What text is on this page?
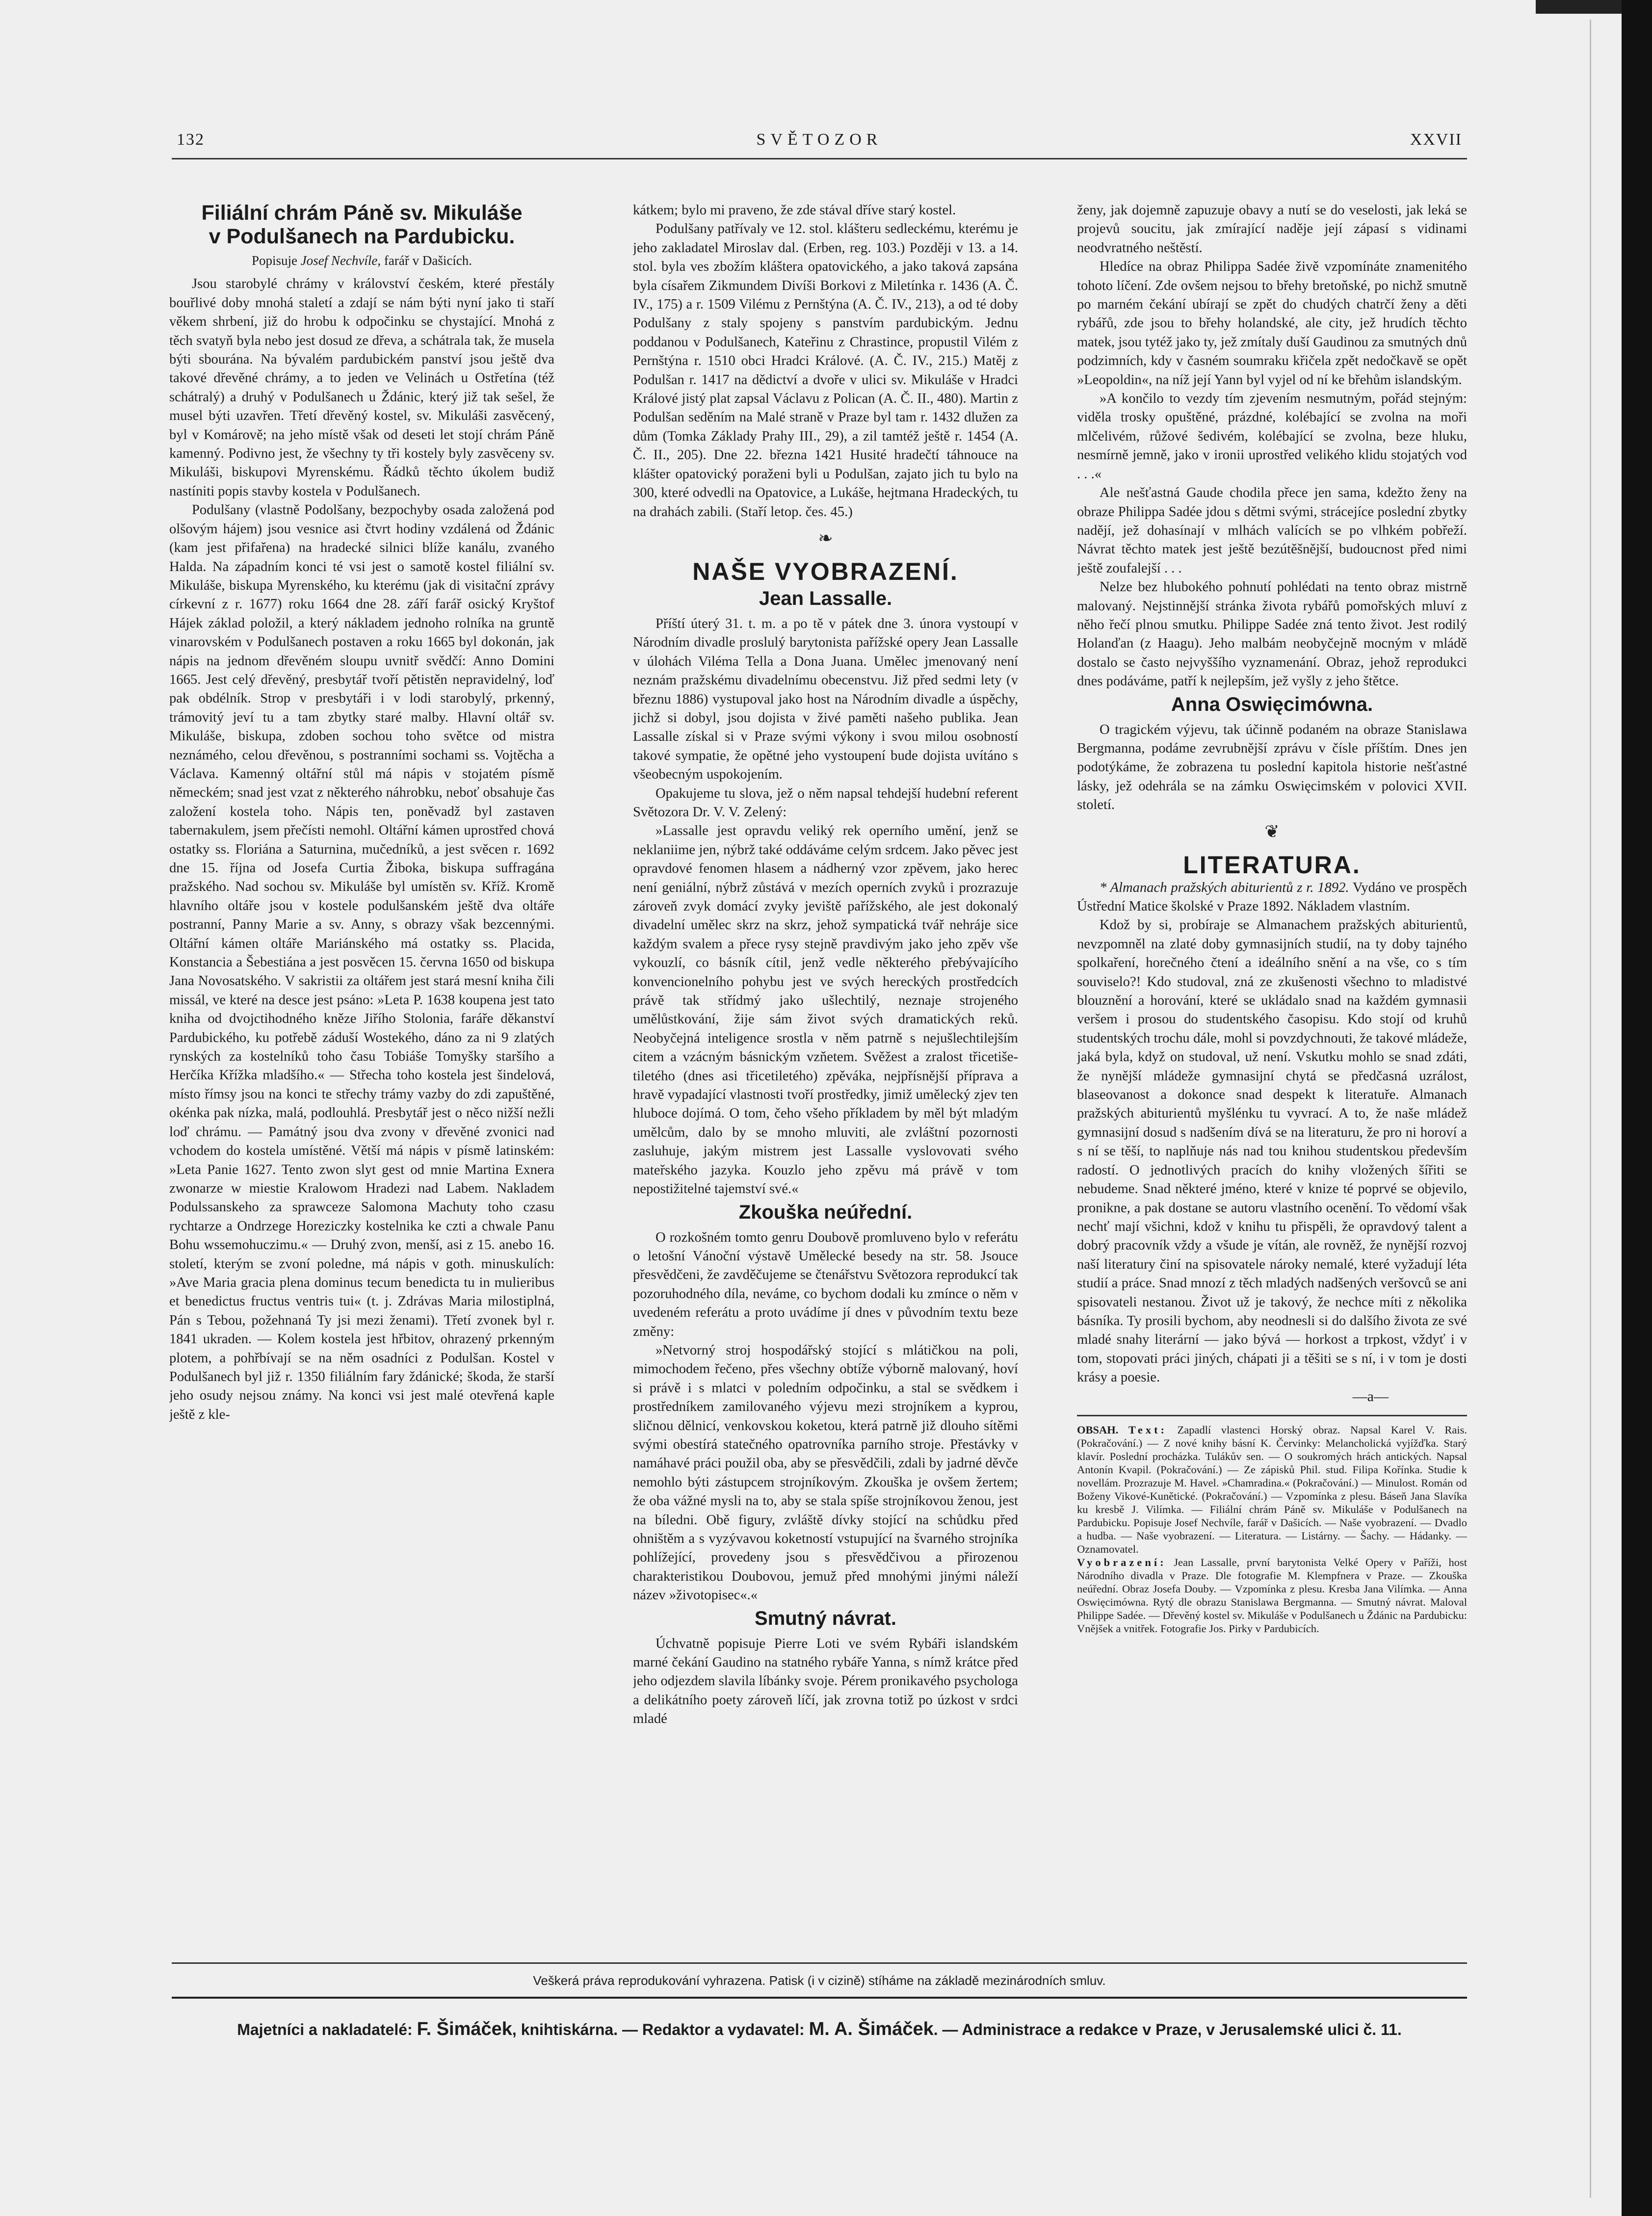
132	SVĚTOZOR	XXVII
Filiální chrám Páně sv. Mikuláše
v Podulšanech na Pardubicku.
Popisuje Josef Nechvíle, farář v Dašicích.

Jsou starobylé chrámy v království českém, které přestály bouřlivé doby mnohá staletí a zdají se nám býti nyní jako ti staří věkem shrbení, již do hrobu k odpočinku se chystající. Mnohá z těch svatyň byla nebo jest dosud ze dřeva, a schátrala tak, že musela býti sbourána. Na bývalém pardubickém panství jsou ještě dva takové dřevěné chrámy, a to jeden ve Velinách u Ostřetína (též schátralý) a druhý v Podulšanech u Ždánic, který již tak sešel, že musel býti uzavřen. Třetí dřevěný kostel, sv. Mikuláši zasvěcený, byl v Komárově; na jeho místě však od deseti let stojí chrám Páně kamenný. Podivno jest, že všechny ty tři kostely byly zasvěceny sv. Mikuláši, biskupovi Myrenskému. Řádků těchto úkolem budiž nastíniti popis stavby kostela v Podulšanech.

Podulšany (vlastně Podolšany, bezpochyby osada založená pod olšovým hájem) jsou vesnice asi čtvrt hodiny vzdálená od Ždánic (kam jest přifařena) na hradecké silnici blíže kanálu, zvaného Halda. Na západním konci té vsi jest o samotě kostel filiální sv. Mikuláše, biskupa Myrenského, ku kterému (jak di visitační zprávy církevní z r. 1677) roku 1664 dne 28. září farář osický Kryštof Hájek základ položil, a který nákladem jednoho rolníka na gruntě vinarovském v Podulšanech postaven a roku 1665 byl dokonán, jak nápis na jednom dřevěném sloupu uvnitř svědčí: Anno Domini 1665. Jest celý dřevěný, presbytář tvoří pětistěn nepravidelný, loď pak obdélník. Strop v presbytáři i v lodi starobylý, prkenný, trámovitý jeví tu a tam zbytky staré malby. Hlavní oltář sv. Mikuláše, biskupa, zdoben sochou toho světce od mistra neznámého, celou dřevěnou, s postranními sochami ss. Vojtěcha a Václava. Kamenný oltářní stůl má nápis v stojatém písmě německém; snad jest vzat z některého náhrobku, neboť obsahuje čas založení kostela toho. Nápis ten, poněvadž byl zastaven tabernakulem, jsem přečísti nemohl. Oltářní kámen uprostřed chová ostatky ss. Floriána a Saturnina, mučedníků, a jest svěcen r. 1692 dne 15. října od Josefa Curtia Žiboka, biskupa suffragána pražského. Nad sochou sv. Mikuláše byl umístěn sv. Kříž. Kromě hlavního oltáře jsou v kostele podulšanském ještě dva oltáře postranní, Panny Marie a sv. Anny, s obrazy však bezcennými. Oltářní kámen oltáře Mariánského má ostatky ss. Placida, Konstancia a Šebestiána a jest posvěcen 15. června 1650 od biskupa Jana Novosatského. V sakristii za oltářem jest stará mesní kniha čili missál, ve které na desce jest psáno: »Leta P. 1638 koupena jest tato kniha od dvojctihodného kněze Jiřího Stolonia, faráře děkanství Pardubického, ku potřebě záduší Wostekého, dáno za ni 9 zlatých rynských za kostelníků toho času Tobiáše Tomyšky staršího a Herčíka Křížka mladšího.« — Střecha toho kostela jest šindelová, místo římsy jsou na konci te střechy trámy vazby do zdi zapuštěné, okénka pak nízka, malá, podlouhlá. Presbytář jest o něco nižší nežli loď chrámu. — Památný jsou dva zvony v dřevěné zvonici nad vchodem do kostela umístěné. Větší má nápis v písmě latinském: »Leta Panie 1627. Tento zwon slyt gest od mnie Martina Exnera zwonarze w miestie Kralowom Hradezi nad Labem. Nakladem Podulssanskeho za sprawceze Salomona Machuty toho czasu rychtarze a Ondrzege Horeziczky kostelnika ke czti a chwale Panu Bohu wssemohuczimu.« — Druhý zvon, menší, asi z 15. anebo 16. století, kterým se zvoní poledne, má nápis v goth. minuskulích: »Ave Maria gracia plena dominus tecum benedicta tu in mulieribus et benedictus fructus ventris tui« (t. j. Zdrávas Maria milostiplná, Pán s Tebou, požehnaná Ty jsi mezi ženami). Třetí zvonek byl r. 1841 ukraden. — Kolem kostela jest hřbitov, ohrazený prkenným plotem, a pohřbívají se na něm osadníci z Podulšan. Kostel v Podulšanech byl již r. 1350 filiálním fary ždánické; škoda, že starší jeho osudy nejsou známy. Na konci vsi jest malé otevřená kaple ještě z kle-

kátkem; bylo mi praveno, že zde stával dříve starý kostel.

Podulšany patřívaly ve 12. stol. klášteru sedleckému, kterému je jeho zakladatel Miroslav dal. (Erben, reg. 103.) Později v 13. a 14. stol. byla ves zbožím kláštera opatovického, a jako taková zapsána byla císařem Zikmundem Divíši Borkovi z Miletínka r. 1436 (A. Č. IV., 175) a r. 1509 Vilému z Pernštýna (A. Č. IV., 213), a od té doby Podulšany z staly spojeny s panstvím pardubickým. Jednu poddanou v Podulšanech, Kateřinu z Chrastince, propustil Vilém z Pernštýna r. 1510 obci Hradci Králové. (A. Č. IV., 215.) Matěj z Podulšan r. 1417 na dědictví a dvoře v ulici sv. Mikuláše v Hradci Králové jistý plat zapsal Václavu z Polican (A. Č. II., 480). Martin z Podulšan seděním na Malé straně v Praze byl tam r. 1432 dlužen za dům (Tomka Základy Prahy III., 29), a zil tamtéž ještě r. 1454 (A. Č. II., 205). Dne 22. března 1421 Husité hradečtí táhnouce na klášter opatovický poraženi byli u Podulšan, zajato jich tu bylo na 300, které odvedli na Opatovice, a Lukáše, hejtmana Hradeckých, tu na drahách zabili. (Staří letop. čes. 45.)

❧
NAŠE VYOBRAZENÍ.
Jean Lassalle.

Příští úterý 31. t. m. a po tě v pátek dne 3. února vystoupí v Národním divadle proslulý barytonista pařížské opery Jean Lassalle v úlohách Viléma Tella a Dona Juana. Umělec jmenovaný není neznám pražskému divadelnímu obecenstvu. Již před sedmi lety (v březnu 1886) vystupoval jako host na Národním divadle a úspěchy, jichž si dobyl, jsou dojista v živé paměti našeho publika. Jean Lassalle získal si v Praze svými výkony i svou milou osobností takové sympatie, že opětné jeho vystoupení bude dojista uvítáno s všeobecným uspokojením.

Opakujeme tu slova, jež o něm napsal tehdejší hudební referent Světozora Dr. V. V. Zelený:

»Lassalle jest opravdu veliký rek operního umění, jenž se neklaniime jen, nýbrž také oddáváme celým srdcem. Jako pěvec jest opravdové fenomen hlasem a nádherný vzor zpěvem, jako herec není geniální, nýbrž zůstává v mezích operních zvyků i prozrazuje zároveň zvyk domácí zvyky jeviště pařížského, ale jest dokonalý divadelní umělec skrz na skrz, jehož sympatická tvář nehráje sice každým svalem a přece rysy stejně pravdivým jako jeho zpěv vše vykouzlí, co básník cítil, jenž vedle některého přebývajícího konvencionelního pohybu jest ve svých hereckých prostředcích právě tak střídmý jako ušlechtilý, neznaje strojeného umělůstkování, žije sám život svých dramatických reků. Neobyčejná inteligence srostla v něm patrně s nejušlechtilejším citem a vzácným básnickým vzňetem. Svěžest a zralost třicetiše-tiletého (dnes asi třicetiletého) zpěváka, nejpřísnější příprava a hravě vypadající vlastnosti tvoří prostředky, jimiž umělecký zjev ten hluboce dojímá. O tom, čeho všeho příkladem by měl být mladým umělcům, dalo by se mnoho mluviti, ale zvláštní pozornosti zasluhuje, jakým mistrem jest Lassalle vyslovovati svého mateřského jazyka. Kouzlo jeho zpěvu má právě v tom nepostižitelné tajemství své.«

Zkouška neúřední.

O rozkošném tomto genru Doubově promluveno bylo v referátu o letošní Vánoční výstavě Umělecké besedy na str. 58. Jsouce přesvědčeni, že zavděčujeme se čtenářstvu Světozora reprodukcí tak pozoruhodného díla, neváme, co bychom dodali ku zmínce o něm v uvedeném referátu a proto uvádíme jí dnes v původním textu beze změny:

»Netvorný stroj hospodářský stojící s mlátičkou na poli, mimochodem řečeno, přes všechny obtíže výborně malovaný, hoví si právě i s mlatci v poledním odpočinku, a stal se svědkem i prostředníkem zamilovaného výjevu mezi strojníkem a kyprou, sličnou dělnicí, venkovskou koketou, která patrně již dlouho sítěmi svými obestírá statečného opatrovníka parního stroje. Přestávky v namáhavé práci použil oba, aby se přesvědčili, zdali by jadrné děvče nemohlo býti zástupcem strojníkovým. Zkouška je ovšem žertem; že oba vážné mysli na to, aby se stala spíše strojníkovou ženou, jest na bíledni. Obě figury, zvláště dívky stojící na schůdku před ohništěm a s vyzývavou koketností vstupující na švarného strojníka pohlížející, provedeny jsou s přesvědčivou a přirozenou charakteristikou Doubovou, jemuž před mnohými jinými náleží název »životopisec«.«

Smutný návrat.

Úchvatně popisuje Pierre Loti ve svém Rybáři islandském marné čekání Gaudino na statného rybáře Yanna, s nímž krátce před jeho odjezdem slavila líbánky svoje. Pérem pronikavého psychologa a delikátního poety zároveň líčí, jak zrovna totiž po úzkost v srdci mladé

ženy, jak dojemně zapuzuje obavy a nutí se do veselosti, jak leká se projevů soucitu, jak zmírající naděje její zápasí s vidinami neodvratného neštěstí.

Hledíce na obraz Philippa Sadée živě vzpomínáte znamenitého tohoto líčení. Zde ovšem nejsou to břehy bretoňské, po nichž smutně po marném čekání ubírají se zpět do chudých chatrčí ženy a děti rybářů, zde jsou to břehy holandské, ale city, jež hrudích těchto matek, jsou tytéž jako ty, jež zmítaly duší Gaudinou za smutných dnů podzimních, kdy v časném soumraku křičela zpět nedočkavě se opět »Leopoldin«, na níž její Yann byl vyjel od ní ke břehům islandským.

»A končilo to vezdy tím zjevením nesmutným, pořád stejným: viděla trosky opuštěné, prázdné, kolébající se zvolna na moři mlčelivém, růžové šedivém, kolébající se zvolna, beze hluku, nesmírně jemně, jako v ironii uprostřed velikého klidu stojatých vod . . .«

Ale nešťastná Gaude chodila přece jen sama, kdežto ženy na obraze Philippa Sadée jdou s dětmi svými, strácejíce poslední zbytky nadějí, jež dohasínají v mlhách valících se po vlhkém pobřeží. Návrat těchto matek jest ještě bezútěšnější, budoucnost před nimi ještě zoufalejší . . .

Nelze bez hlubokého pohnutí pohlédati na tento obraz mistrně malovaný. Nejstinnější stránka života rybářů pomořských mluví z něho řečí plnou smutku. Philippe Sadée zná tento život. Jest rodilý Holanďan (z Haagu). Jeho malbám neobyčejně mocným v mládě dostalo se často nejvyššího vyznamenání. Obraz, jehož reprodukci dnes podáváme, patří k nejlepším, jež vyšly z jeho štětce.

Anna Oswięcimówna.

O tragickém výjevu, tak účinně podaném na obraze Stanislawa Bergmanna, podáme zevrubnější zprávu v čísle příštím. Dnes jen podotýkáme, že zobrazena tu poslední kapitola historie nešťastné lásky, jež odehrála se na zámku Oswięcimském v polovici XVII. století.

❦
LITERATURA.

* Almanach pražských abiturientů z r. 1892. Vydáno ve prospěch Ústřední Matice školské v Praze 1892. Nákladem vlastním.

Kdož by si, probíraje se Almanachem pražských abiturientů, nevzpomněl na zlaté doby gymnasijních studií, na ty doby tajného spolkaření, horečného čtení a ideálního snění a na vše, co s tím souviselo?! Kdo studoval, zná ze zkušenosti všechno to mladistvé blouznění a horování, které se ukládalo snad na každém gymnasii veršem i prosou do studentského časopisu. Kdo stojí od kruhů studentských trochu dále, mohl si povzdychnouti, že takové mládeže, jaká byla, když on studoval, už není. Vskutku mohlo se snad zdáti, že nynější mládeže gymnasijní chytá se předčasná uzrálost, blaseovanost a dokonce snad despekt k literatuře. Almanach pražských abiturientů myšlénku tu vyvrací. A to, že naše mládež gymnasijní dosud s nadšením dívá se na literaturu, že pro ni horoví a s ní se těší, to naplňuje nás nad tou knihou studentskou především radostí. O jednotlivých pracích do knihy vložených šířiti se nebudeme. Snad některé jméno, které v knize té poprvé se objevilo, pronikne, a pak dostane se autoru vlastního ocenění. To vědomí však nechť mají všichni, kdož v knihu tu přispěli, že opravdový talent a dobrý pracovník vždy a všude je vítán, ale rovněž, že nynější rozvoj naší literatury činí na spisovatele nároky nemalé, které vyžadují léta studií a práce. Snad mnozí z těch mladých nadšených veršovců se ani spisovateli nestanou. Život už je takový, že nechce míti z několika básníka. Ty prosili bychom, aby neodnesli si do dalšího života ze své mladé snahy literární — jako bývá — horkost a trpkost, vždyť i v tom, stopovati práci jiných, chápati ji a těšiti se s ní, i v tom je dosti krásy a poesie.

—a—

OBSAH. Text: Zapadlí vlastenci Horský obraz. Napsal Karel V. Rais. (Pokračování.) — Z nové knihy básní K. Červinky: Melancholická vyjížďka. Starý klavír. Poslední procházka. Tulákův sen. — O soukromých hrách antických. Napsal Antonín Kvapil. (Pokračování.) — Ze zápisků Phil. stud. Filipa Kořínka. Studie k novellám. Prozrazuje M. Havel. »Chamradina.« (Pokračování.) — Minulost. Román od Boženy Vikové-Kunětické. (Pokračování.) — Vzpomínka z plesu. Báseň Jana Slavíka ku kresbě J. Vilímka. — Filiální chrám Páně sv. Mikuláše v Podulšanech na Pardubicku. Popisuje Josef Nechvíle, farář v Dašicích. — Naše vyobrazení. — Dvadlo a hudba. — Naše vyobrazení. — Literatura. — Listárny. — Šachy. — Hádanky. — Oznamovatel.

Vyobrazení: Jean Lassalle, první barytonista Velké Opery v Paříži, host Národního divadla v Praze. Dle fotografie M. Klempfnera v Praze. — Zkouška neúřední. Obraz Josefa Douby. — Vzpomínka z plesu. Kresba Jana Vilímka. — Anna Oswięcimówna. Rytý dle obrazu Stanislawa Bergmanna. — Smutný návrat. Maloval Philippe Sadée. — Dřevěný kostel sv. Mikuláše v Podulšanech u Ždánic na Pardubicku: Vnějšek a vnitřek. Fotografie Jos. Pirky v Pardubicích.

Veškerá práva reprodukování vyhrazena. Patisk (i v cizině) stíháme na základě mezinárodních smluv.
Majetníci a nakladatelé: F. Šimáček, knihtiskárna. — Redaktor a vydavatel: M. A. Šimáček. — Administrace a redakce v Praze, v Jerusalemské ulici č. 11.
